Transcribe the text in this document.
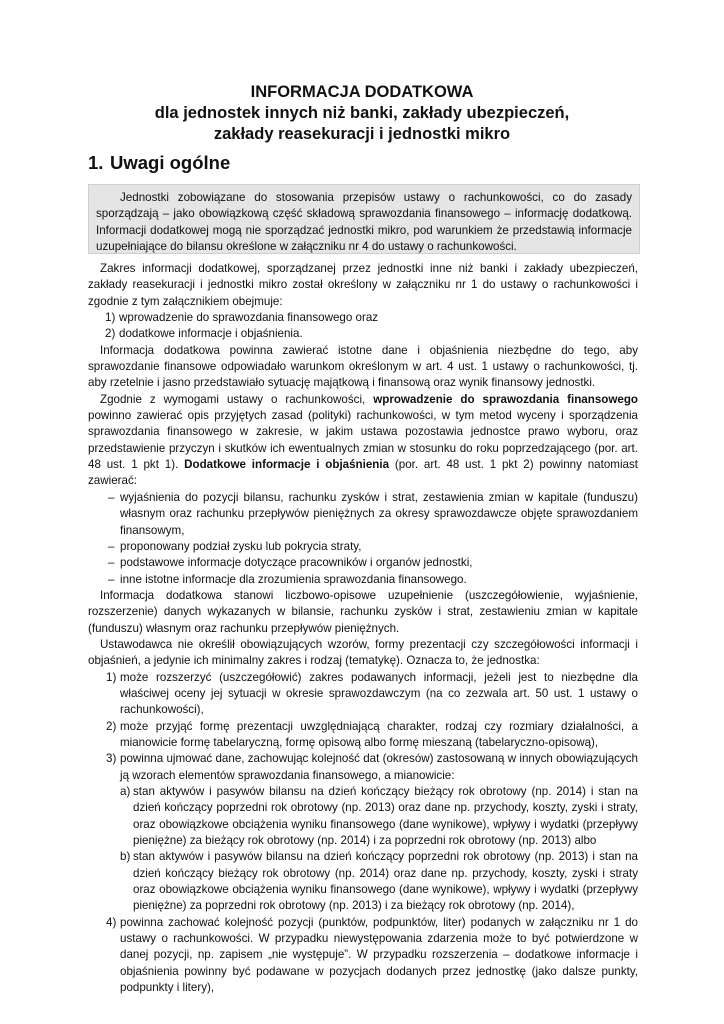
INFORMACJA DODATKOWA
dla jednostek innych niż banki, zakłady ubezpieczeń,
zakłady reasekuracji i jednostki mikro
1. Uwagi ogólne

Jednostki zobowiązane do stosowania przepisów ustawy o rachunkowości, co do zasady sporządzają – jako obowiązkową część składową sprawozdania finansowego – informację dodatkową. Informacji dodatkowej mogą nie sporządzać jednostki mikro, pod warunkiem że przedstawią informacje uzupełniające do bilansu określone w załączniku nr 4 do ustawy o rachunkowości.

Zakres informacji dodatkowej, sporządzanej przez jednostki inne niż banki i zakłady ubezpieczeń, zakłady reasekuracji i jednostki mikro został określony w załączniku nr 1 do ustawy o rachunkowości i zgodnie z tym załącznikiem obejmuje:

1) wprowadzenie do sprawozdania finansowego oraz
2) dodatkowe informacje i objaśnienia.

Informacja dodatkowa powinna zawierać istotne dane i objaśnienia niezbędne do tego, aby sprawozdanie finansowe odpowiadało warunkom określonym w art. 4 ust. 1 ustawy o rachunkowości, tj. aby rzetelnie i jasno przedstawiało sytuację majątkową i finansową oraz wynik finansowy jednostki.

Zgodnie z wymogami ustawy o rachunkowości, wprowadzenie do sprawozdania finansowego powinno zawierać opis przyjętych zasad (polityki) rachunkowości, w tym metod wyceny i sporządzenia sprawozdania finansowego w zakresie, w jakim ustawa pozostawia jednostce prawo wyboru, oraz przedstawienie przyczyn i skutków ich ewentualnych zmian w stosunku do roku poprzedzającego (por. art. 48 ust. 1 pkt 1). Dodatkowe informacje i objaśnienia (por. art. 48 ust. 1 pkt 2) powinny natomiast zawierać:

– wyjaśnienia do pozycji bilansu, rachunku zysków i strat, zestawienia zmian w kapitale (funduszu) własnym oraz rachunku przepływów pieniężnych za okresy sprawozdawcze objęte sprawozdaniem finansowym,
– proponowany podział zysku lub pokrycia straty,
– podstawowe informacje dotyczące pracowników i organów jednostki,
– inne istotne informacje dla zrozumienia sprawozdania finansowego.

Informacja dodatkowa stanowi liczbowo-opisowe uzupełnienie (uszczegółowienie, wyjaśnienie, rozszerzenie) danych wykazanych w bilansie, rachunku zysków i strat, zestawieniu zmian w kapitale (funduszu) własnym oraz rachunku przepływów pieniężnych.

Ustawodawca nie określił obowiązujących wzorów, formy prezentacji czy szczegółowości informacji i objaśnień, a jedynie ich minimalny zakres i rodzaj (tematykę). Oznacza to, że jednostka:

1) może rozszerzyć (uszczegółowić) zakres podawanych informacji, jeżeli jest to niezbędne dla właściwej oceny jej sytuacji w okresie sprawozdawczym (na co zezwala art. 50 ust. 1 ustawy o rachunkowości),
2) może przyjąć formę prezentacji uwzględniającą charakter, rodzaj czy rozmiary działalności, a mianowicie formę tabelaryczną, formę opisową albo formę mieszaną (tabelaryczno-opisową),
3) powinna ujmować dane, zachowując kolejność dat (okresów) zastosowaną w innych obowiązujących ją wzorach elementów sprawozdania finansowego, a mianowicie:
a) stan aktywów i pasywów bilansu na dzień kończący bieżący rok obrotowy (np. 2014) i stan na dzień kończący poprzedni rok obrotowy (np. 2013) oraz dane np. przychody, koszty, zyski i straty, oraz obowiązkowe obciążenia wyniku finansowego (dane wynikowe), wpływy i wydatki (przepływy pieniężne) za bieżący rok obrotowy (np. 2014) i za poprzedni rok obrotowy (np. 2013) albo
b) stan aktywów i pasywów bilansu na dzień kończący poprzedni rok obrotowy (np. 2013) i stan na dzień kończący bieżący rok obrotowy (np. 2014) oraz dane np. przychody, koszty, zyski i straty oraz obowiązkowe obciążenia wyniku finansowego (dane wynikowe), wpływy i wydatki (przepływy pieniężne) za poprzedni rok obrotowy (np. 2013) i za bieżący rok obrotowy (np. 2014),
4) powinna zachować kolejność pozycji (punktów, podpunktów, liter) podanych w załączniku nr 1 do ustawy o rachunkowości. W przypadku niewystępowania zdarzenia może to być potwierdzone w danej pozycji, np. zapisem „nie występuje”. W przypadku rozszerzenia – dodatkowe informacje i objaśnienia powinny być podawane w pozycjach dodanych przez jednostkę (jako dalsze punkty, podpunkty i litery),
